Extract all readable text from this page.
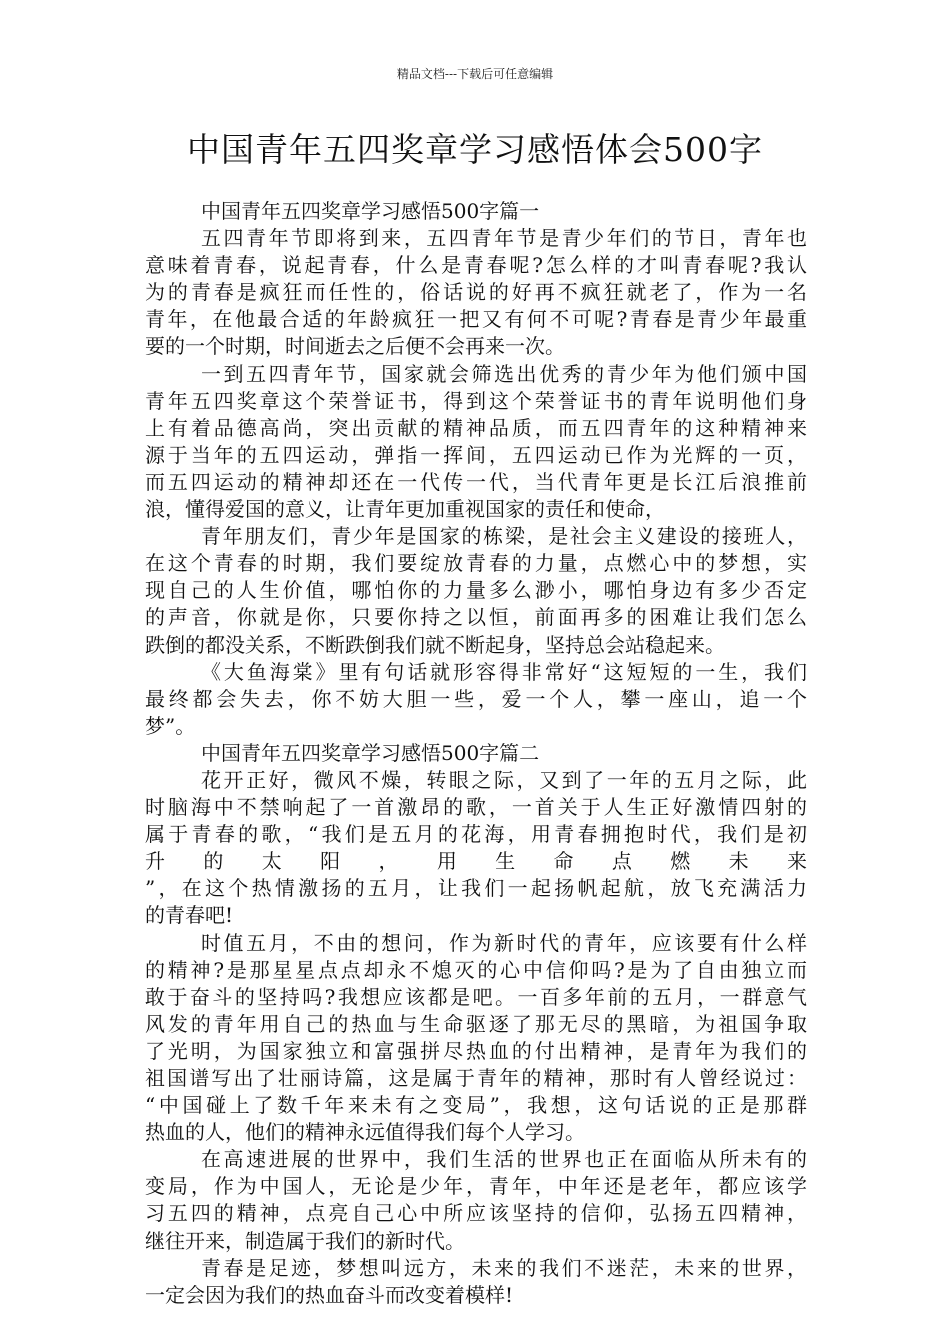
精品文档---下载后可任意编辑
中国青年五四奖章学习感悟体会500字
中国青年五四奖章学习感悟500字篇一
五四青年节即将到来，五四青年节是青少年们的节日，青年也
意味着青春，说起青春，什么是青春呢?怎么样的才叫青春呢?我认
为的青春是疯狂而任性的，俗话说的好再不疯狂就老了，作为一名
青年，在他最合适的年龄疯狂一把又有何不可呢?青春是青少年最重
要的一个时期，时间逝去之后便不会再来一次。
一到五四青年节，国家就会筛选出优秀的青少年为他们颁中国
青年五四奖章这个荣誉证书，得到这个荣誉证书的青年说明他们身
上有着品德高尚，突出贡献的精神品质，而五四青年的这种精神来
源于当年的五四运动，弹指一挥间，五四运动已作为光辉的一页，
而五四运动的精神却还在一代传一代，当代青年更是长江后浪推前
浪，懂得爱国的意义，让青年更加重视国家的责任和使命，
青年朋友们，青少年是国家的栋梁，是社会主义建设的接班人，
在这个青春的时期，我们要绽放青春的力量，点燃心中的梦想，实
现自己的人生价值，哪怕你的力量多么渺小，哪怕身边有多少否定
的声音，你就是你，只要你持之以恒，前面再多的困难让我们怎么
跌倒的都没关系，不断跌倒我们就不断起身，坚持总会站稳起来。
《大鱼海棠》里有句话就形容得非常好“这短短的一生，我们
最终都会失去，你不妨大胆一些，爱一个人，攀一座山，追一个
梦”。
中国青年五四奖章学习感悟500字篇二
花开正好，微风不燥，转眼之际，又到了一年的五月之际，此
时脑海中不禁响起了一首激昂的歌，一首关于人生正好激情四射的
属于青春的歌，“我们是五月的花海，用青春拥抱时代，我们是初
升的太阳，用生命点燃未来
”，在这个热情激扬的五月，让我们一起扬帆起航，放飞充满活力
的青春吧!
时值五月，不由的想问，作为新时代的青年，应该要有什么样
的精神?是那星星点点却永不熄灭的心中信仰吗?是为了自由独立而
敢于奋斗的坚持吗?我想应该都是吧。一百多年前的五月，一群意气
风发的青年用自己的热血与生命驱逐了那无尽的黑暗，为祖国争取
了光明，为国家独立和富强拼尽热血的付出精神，是青年为我们的
祖国谱写出了壮丽诗篇，这是属于青年的精神，那时有人曾经说过：
“中国碰上了数千年来未有之变局”，我想，这句话说的正是那群
热血的人，他们的精神永远值得我们每个人学习。
在高速进展的世界中，我们生活的世界也正在面临从所未有的
变局，作为中国人，无论是少年，青年，中年还是老年，都应该学
习五四的精神，点亮自己心中所应该坚持的信仰，弘扬五四精神，
继往开来，制造属于我们的新时代。
青春是足迹，梦想叫远方，未来的我们不迷茫，未来的世界，
一定会因为我们的热血奋斗而改变着模样!
